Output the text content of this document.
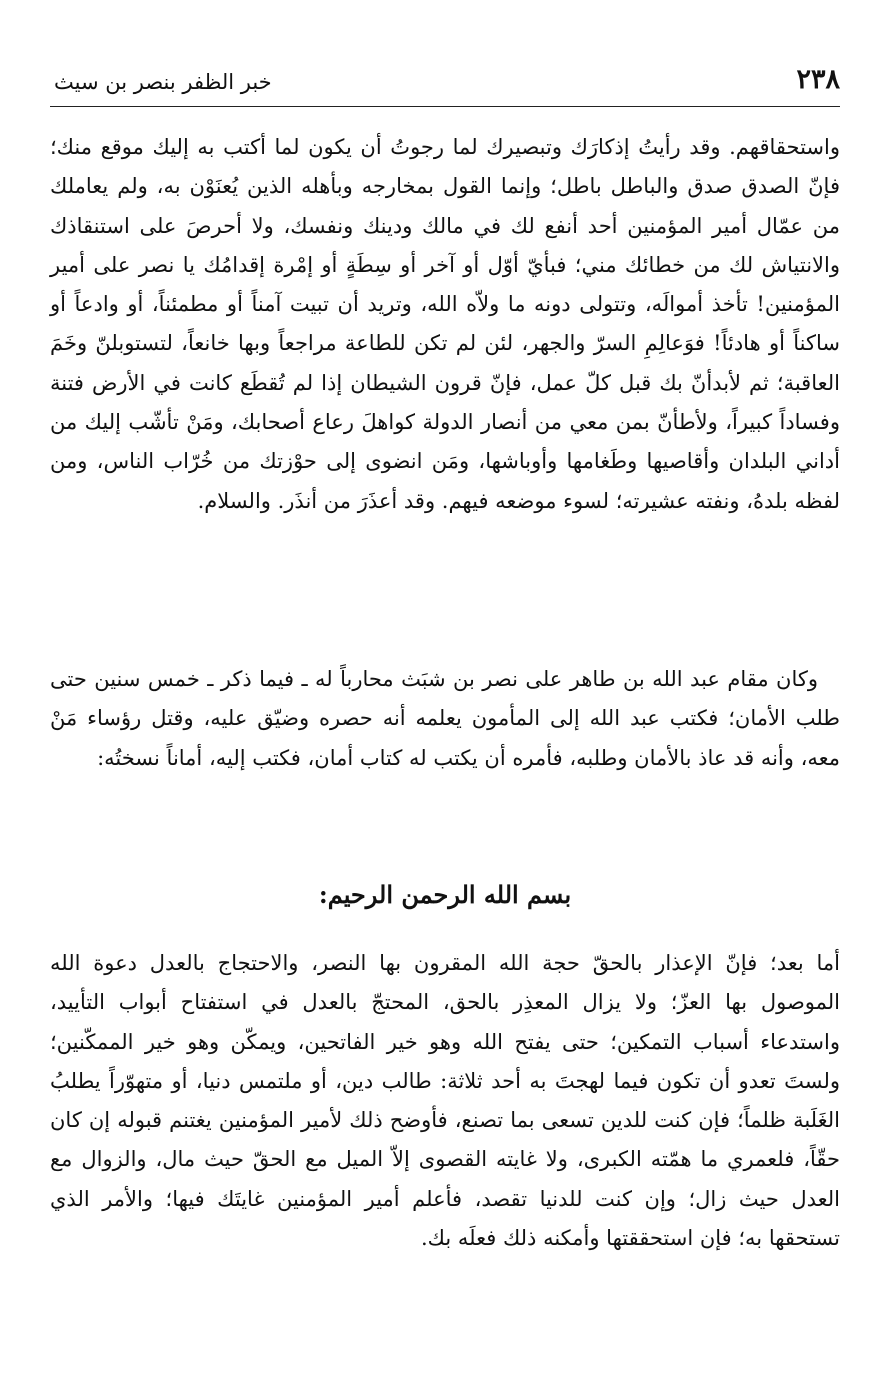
٢٣٨
خبر الظفر بنصر بن سيث

واستحقاقهم. وقد رأيتُ إذكارَك وتبصيرك لما رجوتُ أن يكون لما أكتب به إليك موقع منك؛ فإنّ الصدق صدق والباطل باطل؛ وإنما القول بمخارجه وبأهله الذين يُعنَوْن به، ولم يعاملك من عمّال أمير المؤمنين أحد أنفع لك في مالك ودينك ونفسك، ولا أحرصَ على استنقاذك والانتياش لك من خطائك مني؛ فبأيّ أوّل أو آخر أو سِطَةٍ أو إمْرة إقدامُك يا نصر على أمير المؤمنين! تأخذ أموالَه، وتتولى دونه ما ولاّه الله، وتريد أن تبيت آمناً أو مطمئناً، أو وادعاً أو ساكناً أو هادئاً! فوَعالِمِ السرّ والجهر، لئن لم تكن للطاعة مراجعاً وبها خانعاً، لتستوبلنّ وخَمَ العاقبة؛ ثم لأبدأنّ بك قبل كلّ عمل، فإنّ قرون الشيطان إذا لم تُقطَع كانت في الأرض فتنة وفساداً كبيراً، ولأطأنّ بمن معي من أنصار الدولة كواهلَ رعاع أصحابك، ومَنْ تأشّب إليك من أداني البلدان وأقاصيها وطَغامها وأوباشها، ومَن انضوى إلى حوْزتك من خُرّاب الناس، ومن لفظه بلدهُ، ونفته عشيرته؛ لسوء موضعه فيهم. وقد أعذَرَ من أنذَر. والسلام.

وكان مقام عبد الله بن طاهر على نصر بن شبَث محارباً له ـ فيما ذكر ـ خمس سنين حتى طلب الأمان؛ فكتب عبد الله إلى المأمون يعلمه أنه حصره وضيّق عليه، وقتل رؤساء مَنْ معه، وأنه قد عاذ بالأمان وطلبه، فأمره أن يكتب له كتاب أمان، فكتب إليه، أماناً نسختُه:

بسم الله الرحمن الرحيم:

أما بعد؛ فإنّ الإعذار بالحقّ حجة الله المقرون بها النصر، والاحتجاج بالعدل دعوة الله الموصول بها العزّ؛ ولا يزال المعذِر بالحق، المحتجّ بالعدل في استفتاح أبواب التأييد، واستدعاء أسباب التمكين؛ حتى يفتح الله وهو خير الفاتحين، ويمكّن وهو خير الممكّنين؛ ولستَ تعدو أن تكون فيما لهجتَ به أحد ثلاثة: طالب دين، أو ملتمس دنيا، أو متهوّراً يطلبُ الغَلَبة ظلماً؛ فإن كنت للدين تسعى بما تصنع، فأوضح ذلك لأمير المؤمنين يغتنم قبوله إن كان حقّاً، فلعمري ما همّته الكبرى، ولا غايته القصوى إلاّ الميل مع الحقّ حيث مال، والزوال مع العدل حيث زال؛ وإن كنت للدنيا تقصد، فأعلم أمير المؤمنين غايتَك فيها؛ والأمر الذي تستحقها به؛ فإن استحققتها وأمكنه ذلك فعلَه بك.
